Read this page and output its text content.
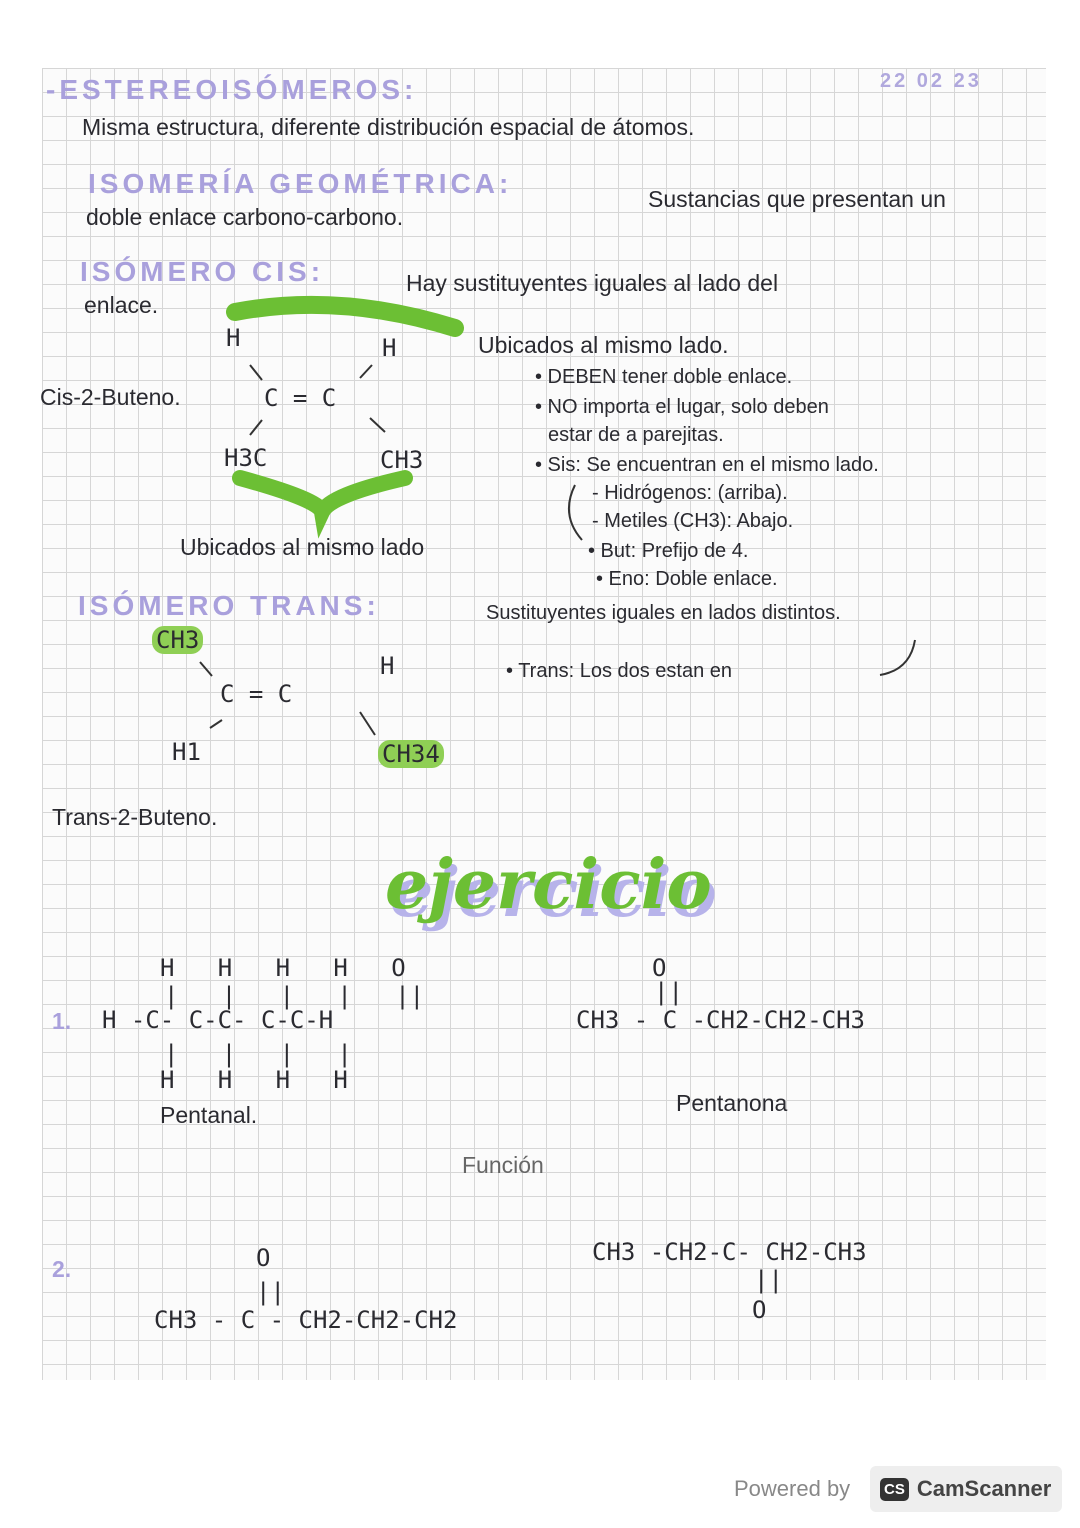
22 02 23
-ESTEREOISÓMEROS:
Misma estructura, diferente distribución espacial de átomos.
ISOMERÍA GEOMÉTRICA:	Sustancias que presentan un
doble enlace carbono-carbono.
ISÓMERO CIS:	Hay sustituyentes iguales al lado del
enlace.
H	H
Cis-2-Buteno.	C = C
H3C	CH3
Ubicados al mismo lado
Ubicados al mismo lado.
• DEBEN tener doble enlace.
• NO importa el lugar, solo deben
estar de a parejitas.
• Sis: Se encuentran en el mismo lado.
- Hidrógenos: (arriba).
- Metiles (CH3): Abajo.
• But: Prefijo de 4.
• Eno: Doble enlace.
ISÓMERO TRANS:	Sustituyentes iguales en lados distintos.
• Trans: Los dos estan en
CH3
H
C = C
H1	CH34
Trans-2-Buteno.
ejercicio
1.
H   H   H   H   O
|   |   |   |   ||
H -C- C-C- C-C-H
|   |   |   |
H   H   H   H
Pentanal.
O
||
CH3 - C -CH2-CH2-CH3
Pentanona
Función
2.	O
||
CH3 - C - CH2-CH2-CH2
CH3 -CH2-C- CH2-CH3
||
O
Powered by CS CamScanner
